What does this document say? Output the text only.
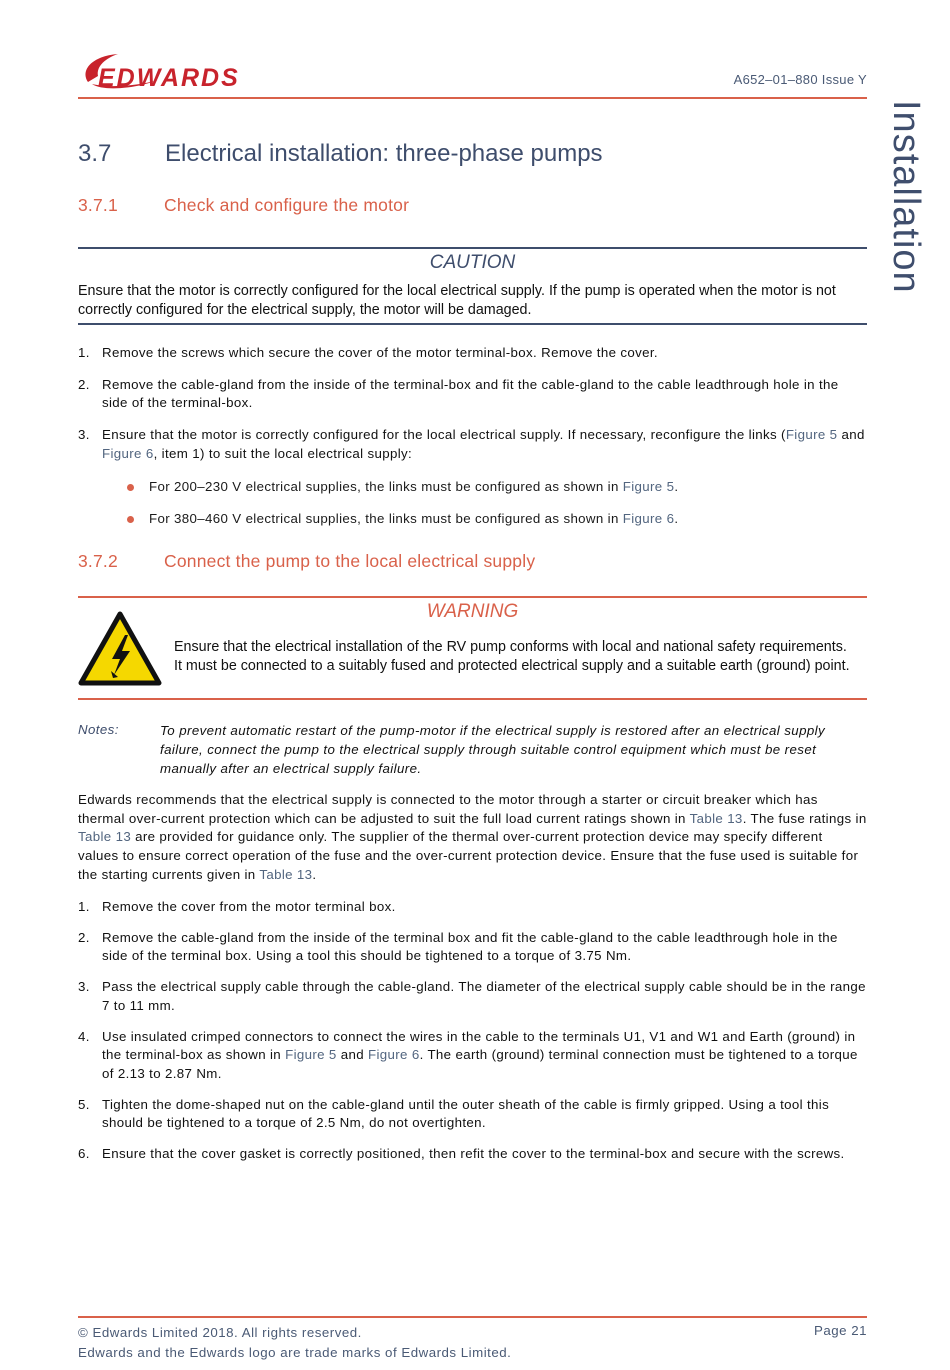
EDWARDS	A652–01–880 Issue Y
Installation
3.7 Electrical installation: three-phase pumps
3.7.1	Check and configure the motor
CAUTION
Ensure that the motor is correctly configured for the local electrical supply. If the pump is operated when the motor is not correctly configured for the electrical supply, the motor will be damaged.
1. Remove the screws which secure the cover of the motor terminal-box. Remove the cover.
2. Remove the cable-gland from the inside of the terminal-box and fit the cable-gland to the cable leadthrough hole in the side of the terminal-box.
3. Ensure that the motor is correctly configured for the local electrical supply. If necessary, reconfigure the links (Figure 5 and Figure 6, item 1) to suit the local electrical supply:
For 200–230 V electrical supplies, the links must be configured as shown in Figure 5.
For 380–460 V electrical supplies, the links must be configured as shown in Figure 6.
3.7.2	Connect the pump to the local electrical supply
WARNING
Ensure that the electrical installation of the RV pump conforms with local and national safety requirements. It must be connected to a suitably fused and protected electrical supply and a suitable earth (ground) point.
Notes:	To prevent automatic restart of the pump-motor if the electrical supply is restored after an electrical supply failure, connect the pump to the electrical supply through suitable control equipment which must be reset manually after an electrical supply failure.
Edwards recommends that the electrical supply is connected to the motor through a starter or circuit breaker which has thermal over-current protection which can be adjusted to suit the full load current ratings shown in Table 13. The fuse ratings in Table 13 are provided for guidance only. The supplier of the thermal over-current protection device may specify different values to ensure correct operation of the fuse and the over-current protection device. Ensure that the fuse used is suitable for the starting currents given in Table 13.
1. Remove the cover from the motor terminal box.
2. Remove the cable-gland from the inside of the terminal box and fit the cable-gland to the cable leadthrough hole in the side of the terminal box. Using a tool this should be tightened to a torque of 3.75 Nm.
3. Pass the electrical supply cable through the cable-gland. The diameter of the electrical supply cable should be in the range 7 to 11 mm.
4. Use insulated crimped connectors to connect the wires in the cable to the terminals U1, V1 and W1 and Earth (ground) in the terminal-box as shown in Figure 5 and Figure 6. The earth (ground) terminal connection must be tightened to a torque of 2.13 to 2.87 Nm.
5. Tighten the dome-shaped nut on the cable-gland until the outer sheath of the cable is firmly gripped. Using a tool this should be tightened to a torque of 2.5 Nm, do not overtighten.
6. Ensure that the cover gasket is correctly positioned, then refit the cover to the terminal-box and secure with the screws.
© Edwards Limited 2018. All rights reserved.
Edwards and the Edwards logo are trade marks of Edwards Limited.
Page 21
